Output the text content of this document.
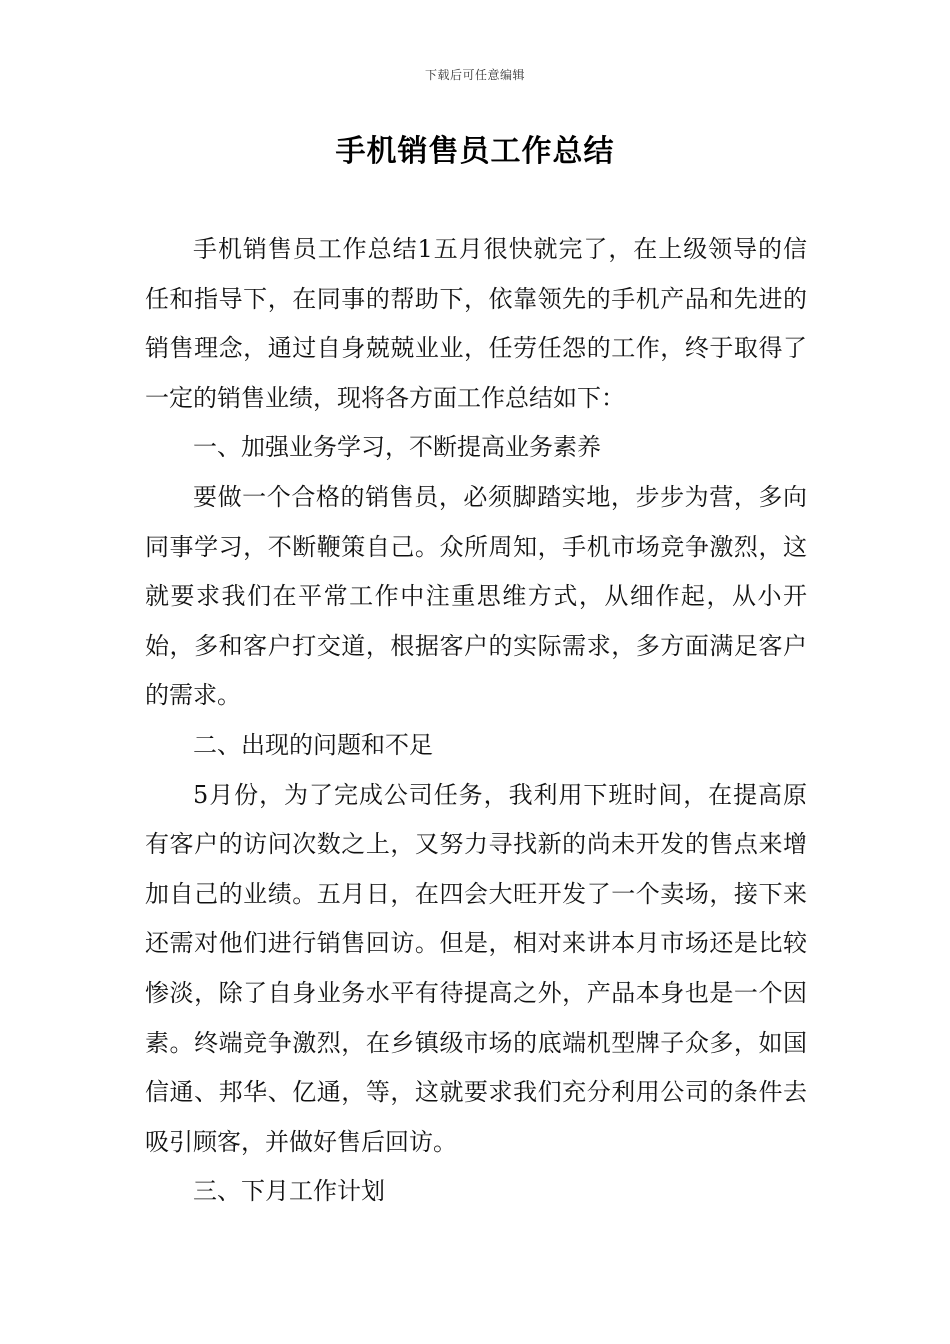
下载后可任意编辑
手机销售员工作总结

手机销售员工作总结1五月很快就完了，在上级领导的信任和指导下，在同事的帮助下，依靠领先的手机产品和先进的销售理念，通过自身兢兢业业，任劳任怨的工作，终于取得了一定的销售业绩，现将各方面工作总结如下：

一、加强业务学习，不断提高业务素养

要做一个合格的销售员，必须脚踏实地，步步为营，多向同事学习，不断鞭策自己。众所周知，手机市场竞争激烈，这就要求我们在平常工作中注重思维方式，从细作起，从小开始，多和客户打交道，根据客户的实际需求，多方面满足客户的需求。

二、出现的问题和不足

5月份，为了完成公司任务，我利用下班时间，在提高原有客户的访问次数之上，又努力寻找新的尚未开发的售点来增加自己的业绩。五月日，在四会大旺开发了一个卖场，接下来还需对他们进行销售回访。但是，相对来讲本月市场还是比较惨淡，除了自身业务水平有待提高之外，产品本身也是一个因素。终端竞争激烈，在乡镇级市场的底端机型牌子众多，如国信通、邦华、亿通，等，这就要求我们充分利用公司的条件去吸引顾客，并做好售后回访。

三、下月工作计划
